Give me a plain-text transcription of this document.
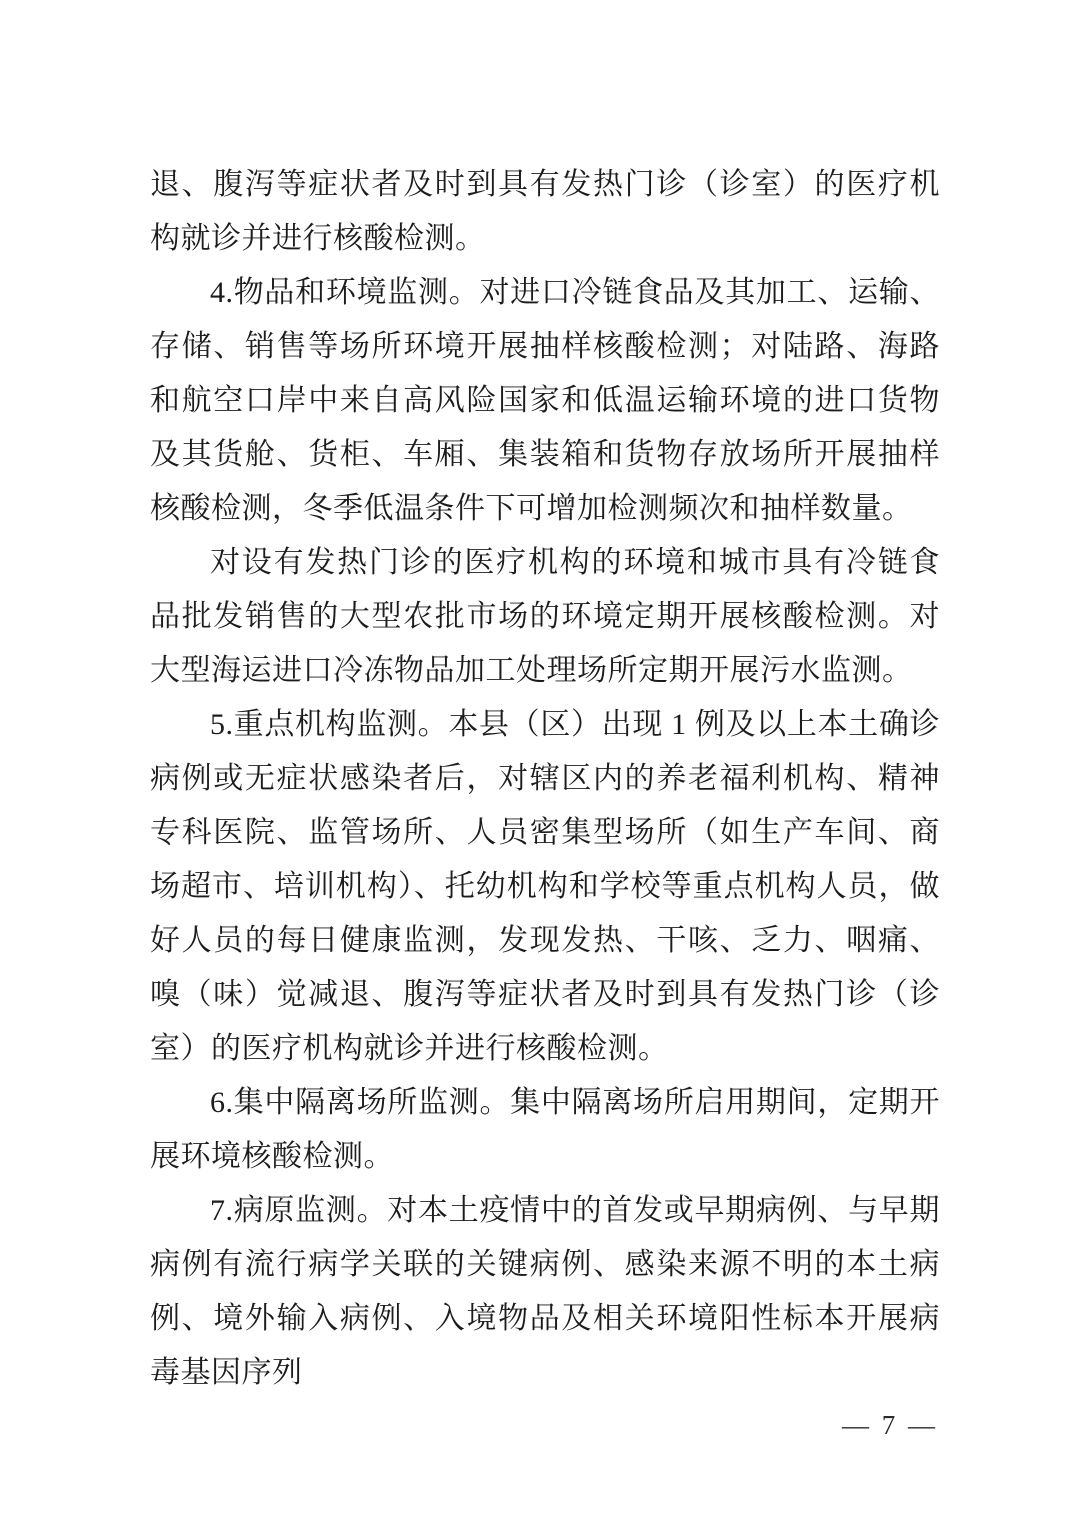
退、腹泻等症状者及时到具有发热门诊（诊室）的医疗机构就诊并进行核酸检测。

4.物品和环境监测。对进口冷链食品及其加工、运输、存储、销售等场所环境开展抽样核酸检测；对陆路、海路和航空口岸中来自高风险国家和低温运输环境的进口货物及其货舱、货柜、车厢、集装箱和货物存放场所开展抽样核酸检测，冬季低温条件下可增加检测频次和抽样数量。

对设有发热门诊的医疗机构的环境和城市具有冷链食品批发销售的大型农批市场的环境定期开展核酸检测。对大型海运进口冷冻物品加工处理场所定期开展污水监测。

5.重点机构监测。本县（区）出现 1 例及以上本土确诊病例或无症状感染者后，对辖区内的养老福利机构、精神专科医院、监管场所、人员密集型场所（如生产车间、商场超市、培训机构）、托幼机构和学校等重点机构人员，做好人员的每日健康监测，发现发热、干咳、乏力、咽痛、嗅（味）觉减退、腹泻等症状者及时到具有发热门诊（诊室）的医疗机构就诊并进行核酸检测。

6.集中隔离场所监测。集中隔离场所启用期间，定期开展环境核酸检测。

7.病原监测。对本土疫情中的首发或早期病例、与早期病例有流行病学关联的关键病例、感染来源不明的本土病例、境外输入病例、入境物品及相关环境阳性标本开展病毒基因序列

— 7 —
